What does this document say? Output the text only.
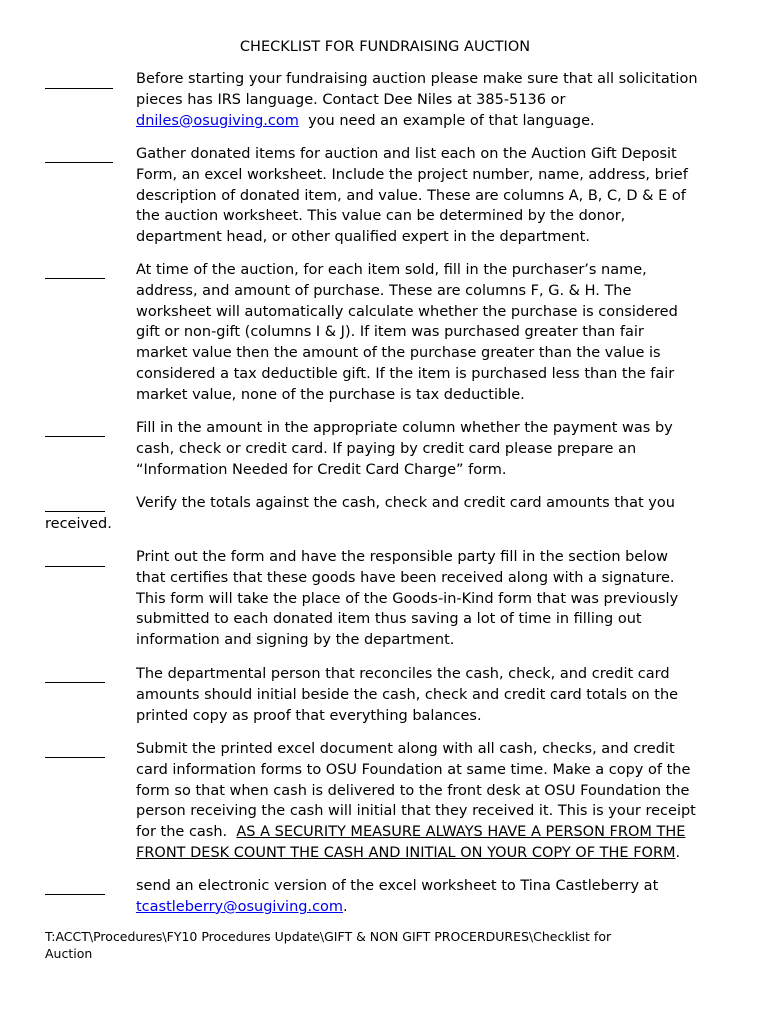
CHECKLIST FOR FUNDRAISING AUCTION
Before starting your fundraising auction please make sure that all solicitation
pieces has IRS language. Contact Dee Niles at 385-5136 or
dniles@osugiving.com  you need an example of that language.
Gather donated items for auction and list each on the Auction Gift Deposit
Form, an excel worksheet. Include the project number, name, address, brief
description of donated item, and value. These are columns A, B, C, D & E of
the auction worksheet. This value can be determined by the donor,
department head, or other qualified expert in the department.
At time of the auction, for each item sold, fill in the purchaser’s name,
address, and amount of purchase. These are columns F, G. & H. The
worksheet will automatically calculate whether the purchase is considered
gift or non-gift (columns I & J). If item was purchased greater than fair
market value then the amount of the purchase greater than the value is
considered a tax deductible gift. If the item is purchased less than the fair
market value, none of the purchase is tax deductible.
Fill in the amount in the appropriate column whether the payment was by
cash, check or credit card. If paying by credit card please prepare an
“Information Needed for Credit Card Charge” form.
Verify the totals against the cash, check and credit card amounts that you
received.
Print out the form and have the responsible party fill in the section below
that certifies that these goods have been received along with a signature.
This form will take the place of the Goods-in-Kind form that was previously
submitted to each donated item thus saving a lot of time in filling out
information and signing by the department.
The departmental person that reconciles the cash, check, and credit card
amounts should initial beside the cash, check and credit card totals on the
printed copy as proof that everything balances.
Submit the printed excel document along with all cash, checks, and credit
card information forms to OSU Foundation at same time. Make a copy of the
form so that when cash is delivered to the front desk at OSU Foundation the
person receiving the cash will initial that they received it. This is your receipt
for the cash.  AS A SECURITY MEASURE ALWAYS HAVE A PERSON FROM THE
FRONT DESK COUNT THE CASH AND INITIAL ON YOUR COPY OF THE FORM.
send an electronic version of the excel worksheet to Tina Castleberry at
tcastleberry@osugiving.com.
T:ACCT\Procedures\FY10 Procedures Update\GIFT & NON GIFT PROCERDURES\Checklist for
Auction
